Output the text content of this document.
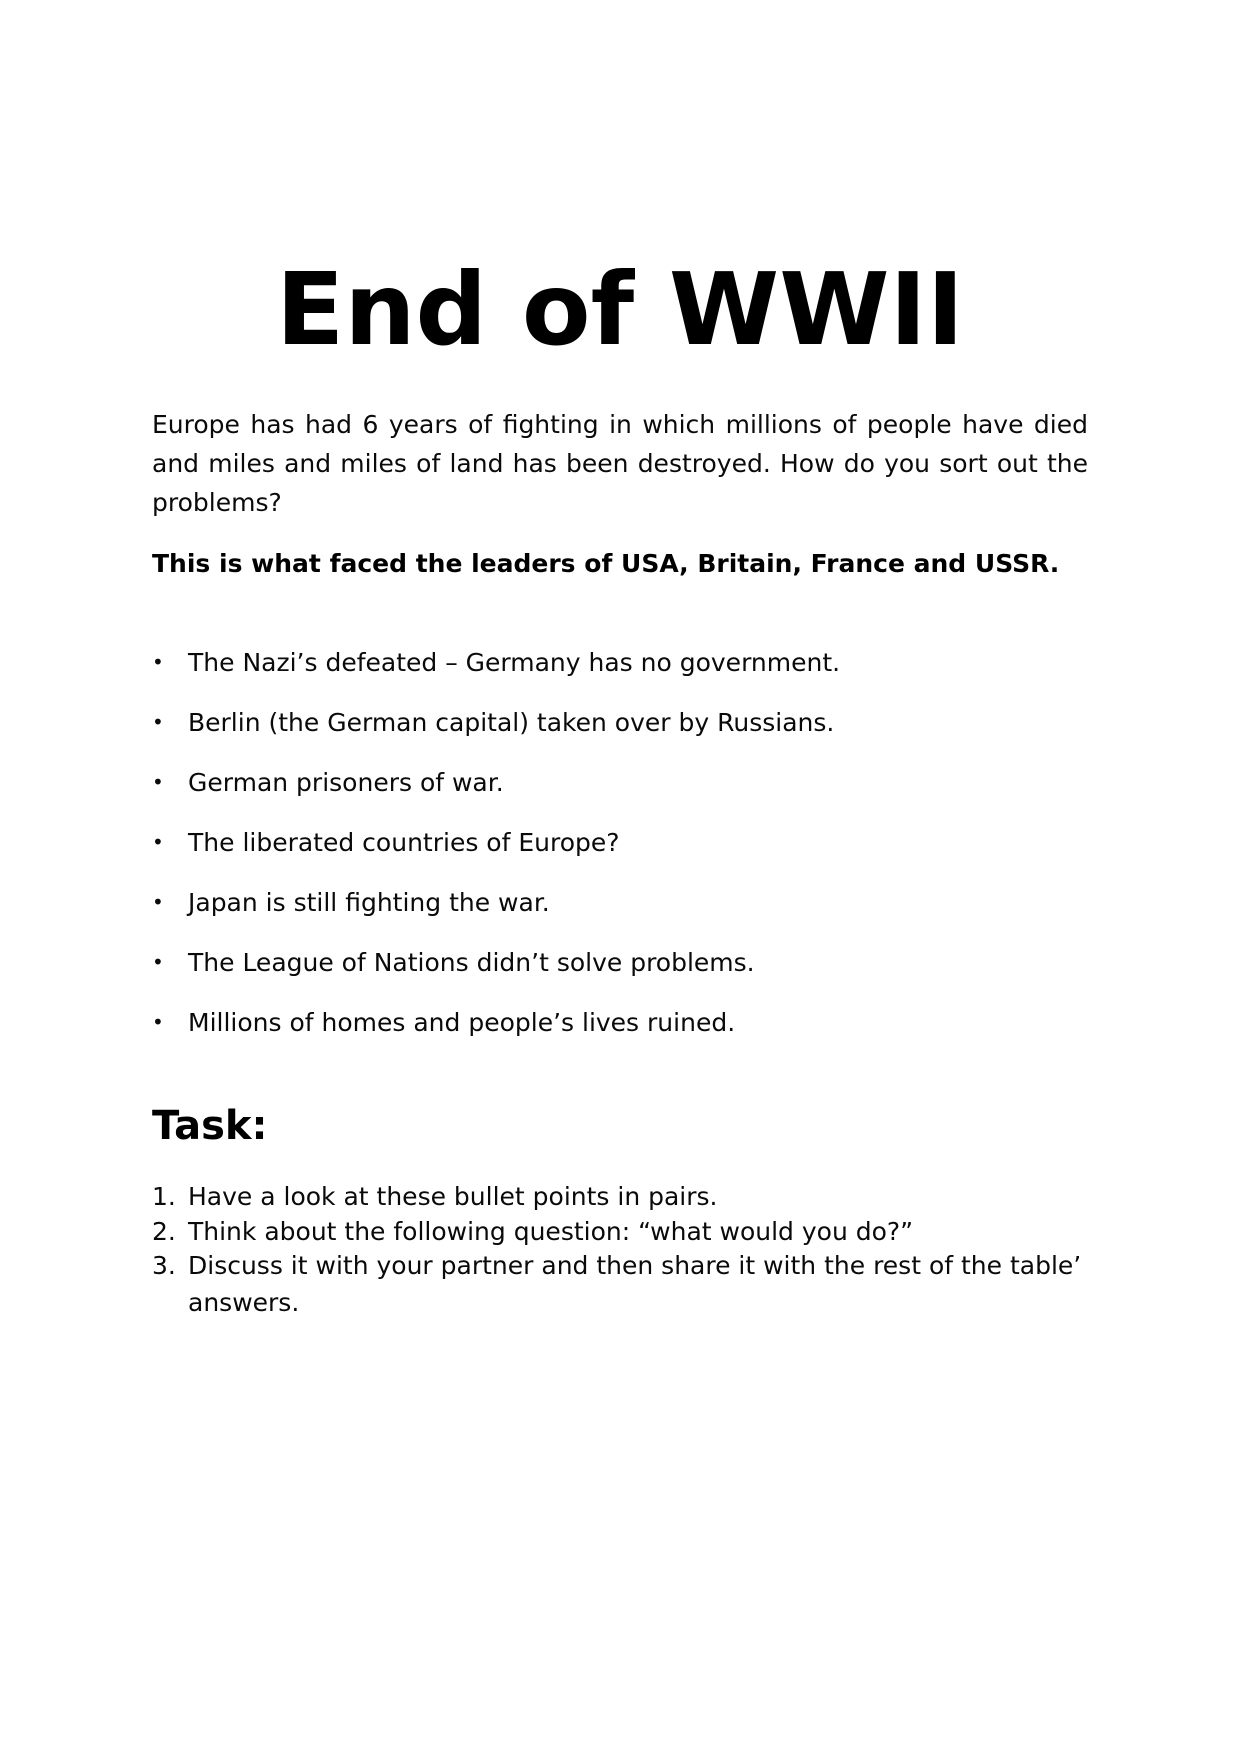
End of WWII

Europe has had 6 years of fighting in which millions of people have died and miles and miles of land has been destroyed. How do you sort out the problems?

This is what faced the leaders of USA, Britain, France and USSR.

• The Nazi’s defeated – Germany has no government.
• Berlin (the German capital) taken over by Russians.
• German prisoners of war.
• The liberated countries of Europe?
• Japan is still fighting the war.
• The League of Nations didn’t solve problems.
• Millions of homes and people’s lives ruined.
Task:
1. Have a look at these bullet points in pairs.
2. Think about the following question: “what would you do?”
3. Discuss it with your partner and then share it with the rest of the table’ answers.
